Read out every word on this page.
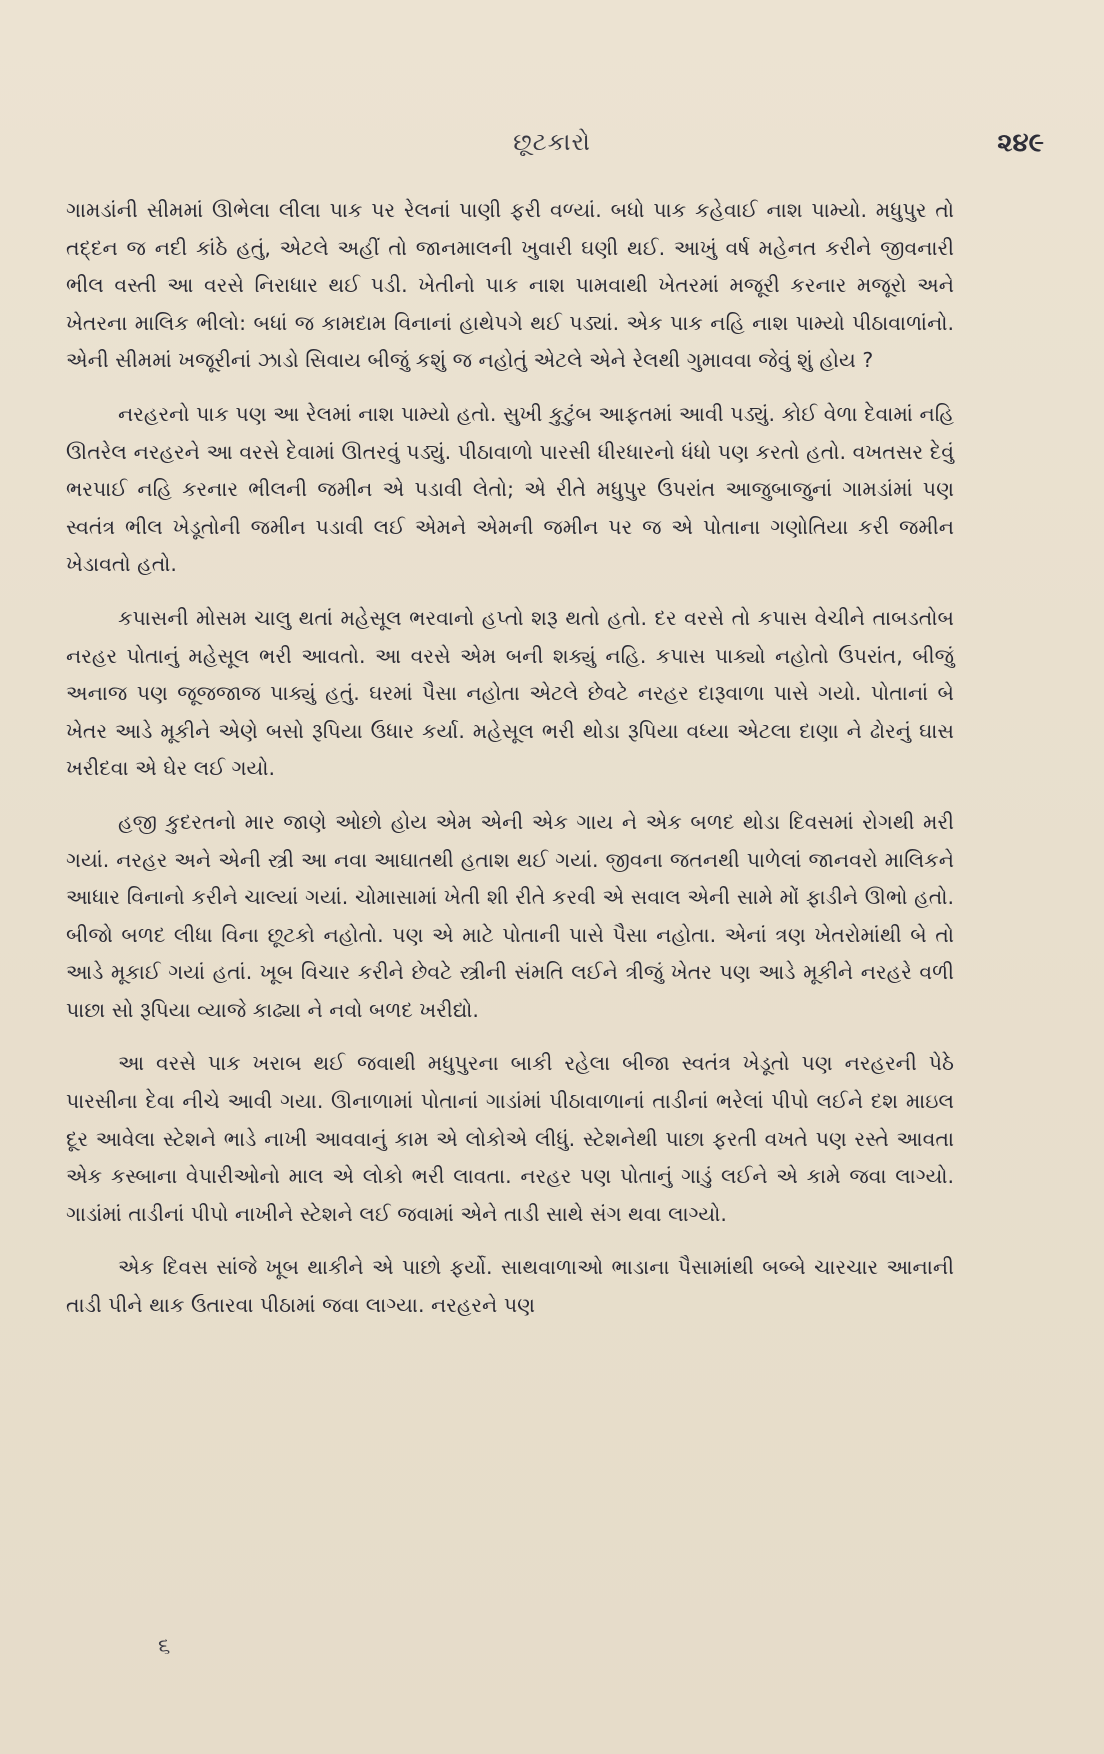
છૂટકારો	૨૪૯

ગામડાંની સીમમાં ઊભેલા લીલા પાક પર રેલનાં પાણી ફરી વળ્યાં. બધો પાક કહેવાઈ નાશ પામ્યો. મધુપુર તો તદ્દન જ નદી કાંઠે હતું, એટલે અહીં તો જાનમાલની ખુવારી ઘણી થઈ. આખું વર્ષ મહેનત કરીને જીવનારી ભીલ વસ્તી આ વરસે નિરાધાર થઈ પડી. ખેતીનો પાક નાશ પામવાથી ખેતરમાં મજૂરી કરનાર મજૂરો અને ખેતરના માલિક ભીલો: બધાં જ કામદામ વિનાનાં હાથેપગે થઈ પડ્યાં. એક પાક નહિ નાશ પામ્યો પીઠાવાળાંનો. એની સીમમાં ખજૂરીનાં ઝાડો સિવાય બીજું કશું જ નહોતું એટલે એને રેલથી ગુમાવવા જેવું શું હોય ?

નરહરનો પાક પણ આ રેલમાં નાશ પામ્યો હતો. સુખી કુટુંબ આફતમાં આવી પડ્યું. કોઈ વેળા દેવામાં નહિ ઊતરેલ નરહરને આ વરસે દેવામાં ઊતરવું પડ્યું. પીઠાવાળો પારસી ધીરધારનો ધંધો પણ કરતો હતો. વખતસર દેવું ભરપાઈ નહિ કરનાર ભીલની જમીન એ પડાવી લેતો; એ રીતે મધુપુર ઉપરાંત આજુબાજુનાં ગામડાંમાં પણ સ્વતંત્ર ભીલ ખેડૂતોની જમીન પડાવી લઈ એમને એમની જમીન પર જ એ પોતાના ગણોતિયા કરી જમીન ખેડાવતો હતો.

કપાસની મોસમ ચાલુ થતાં મહેસૂલ ભરવાનો હપ્તો શરૂ થતો હતો. દર વરસે તો કપાસ વેચીને તાબડતોબ નરહર પોતાનું મહેસૂલ ભરી આવતો. આ વરસે એમ બની શક્યું નહિ. કપાસ પાક્યો નહોતો ઉપરાંત, બીજું અનાજ પણ જૂજજાજ પાક્યું હતું. ઘરમાં પૈસા નહોતા એટલે છેવટે નરહર દારૂવાળા પાસે ગયો. પોતાનાં બે ખેતર આડે મૂકીને એણે બસો રૂપિયા ઉધાર કર્યા. મહેસૂલ ભરી થોડા રૂપિયા વધ્યા એટલા દાણા ને ઢોરનું ઘાસ ખરીદવા એ ઘેર લઈ ગયો.

હજી કુદરતનો માર જાણે ઓછો હોય એમ એની એક ગાય ને એક બળદ થોડા દિવસમાં રોગથી મરી ગયાં. નરહર અને એની સ્ત્રી આ નવા આઘાતથી હતાશ થઈ ગયાં. જીવના જતનથી પાળેલાં જાનવરો માલિકને આધાર વિનાનો કરીને ચાલ્યાં ગયાં. ચોમાસામાં ખેતી શી રીતે કરવી એ સવાલ એની સામે મોં ફાડીને ઊભો હતો. બીજો બળદ લીધા વિના છૂટકો નહોતો. પણ એ માટે પોતાની પાસે પૈસા નહોતા. એનાં ત્રણ ખેતરોમાંથી બે તો આડે મૂકાઈ ગયાં હતાં. ખૂબ વિચાર કરીને છેવટે સ્ત્રીની સંમતિ લઈને ત્રીજું ખેતર પણ આડે મૂકીને નરહરે વળી પાછા સો રૂપિયા વ્યાજે કાઢ્યા ને નવો બળદ ખરીદ્યો.

આ વરસે પાક ખરાબ થઈ જવાથી મધુપુરના બાકી રહેલા બીજા સ્વતંત્ર ખેડૂતો પણ નરહરની પેઠે પારસીના દેવા નીચે આવી ગયા. ઊનાળામાં પોતાનાં ગાડાંમાં પીઠાવાળાનાં તાડીનાં ભરેલાં પીપો લઈને દશ માઇલ દૂર આવેલા સ્ટેશને ભાડે નાખી આવવાનું કામ એ લોકોએ લીધું. સ્ટેશનેથી પાછા ફરતી વખતે પણ રસ્તે આવતા એક કસ્બાના વેપારીઓનો માલ એ લોકો ભરી લાવતા. નરહર પણ પોતાનું ગાડું લઈને એ કામે જવા લાગ્યો. ગાડાંમાં તાડીનાં પીપો નાખીને સ્ટેશને લઈ જવામાં એને તાડી સાથે સંગ થવા લાગ્યો.

એક દિવસ સાંજે ખૂબ થાકીને એ પાછો ફર્યો. સાથવાળાઓ ભાડાના પૈસામાંથી બબ્બે ચારચાર આનાની તાડી પીને થાક ઉતારવા પીઠામાં જવા લાગ્યા. નરહરને પણ

૬
